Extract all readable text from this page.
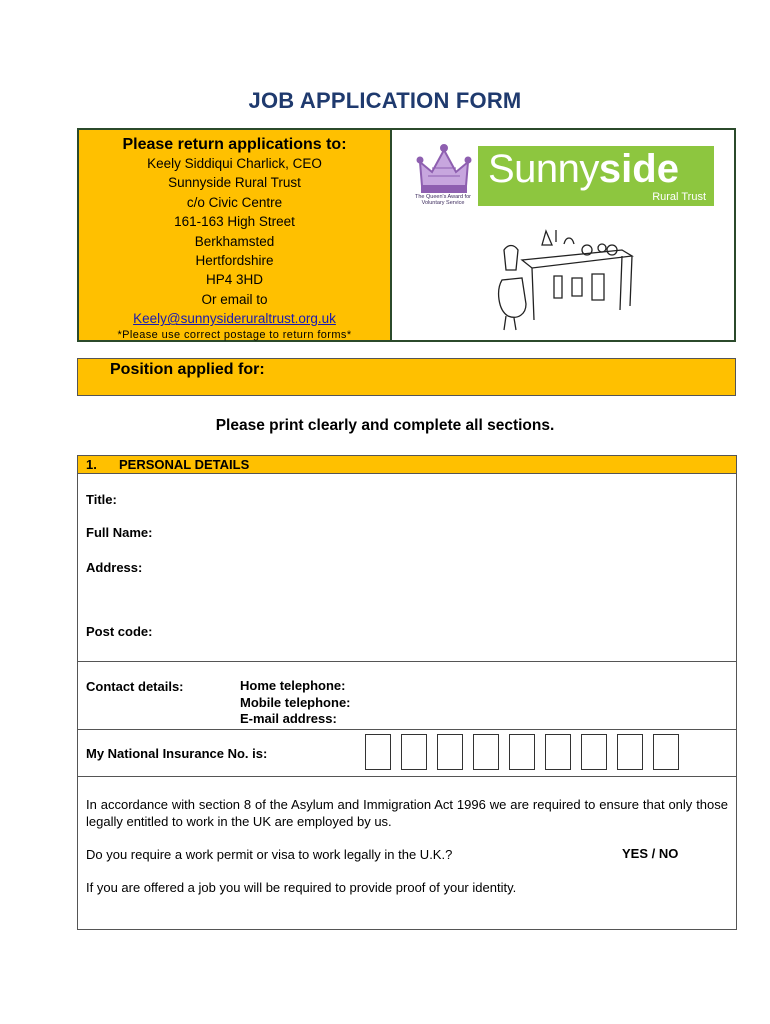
JOB APPLICATION FORM
Please return applications to:
Keely Siddiqui Charlick, CEO
Sunnyside Rural Trust
c/o Civic Centre
161-163 High Street
Berkhamsted
Hertfordshire
HP4 3HD
Or email to
Keely@sunnysideruraltrust.org.uk
*Please use correct postage to return forms*
The Queen's Award for Voluntary Service
Sunnyside
Rural Trust
Position applied for:
Please print clearly and complete all sections.
1. PERSONAL DETAILS
Title:
Full Name:
Address:
Post code:
Contact details:	Home telephone:
Mobile telephone:
E-mail address:
My National Insurance No. is:
In accordance with section 8 of the Asylum and Immigration Act 1996 we are required to ensure that only those legally entitled to work in the UK are employed by us.
Do you require a work permit or visa to work legally in the U.K.?	YES / NO
If you are offered a job you will be required to provide proof of your identity.
